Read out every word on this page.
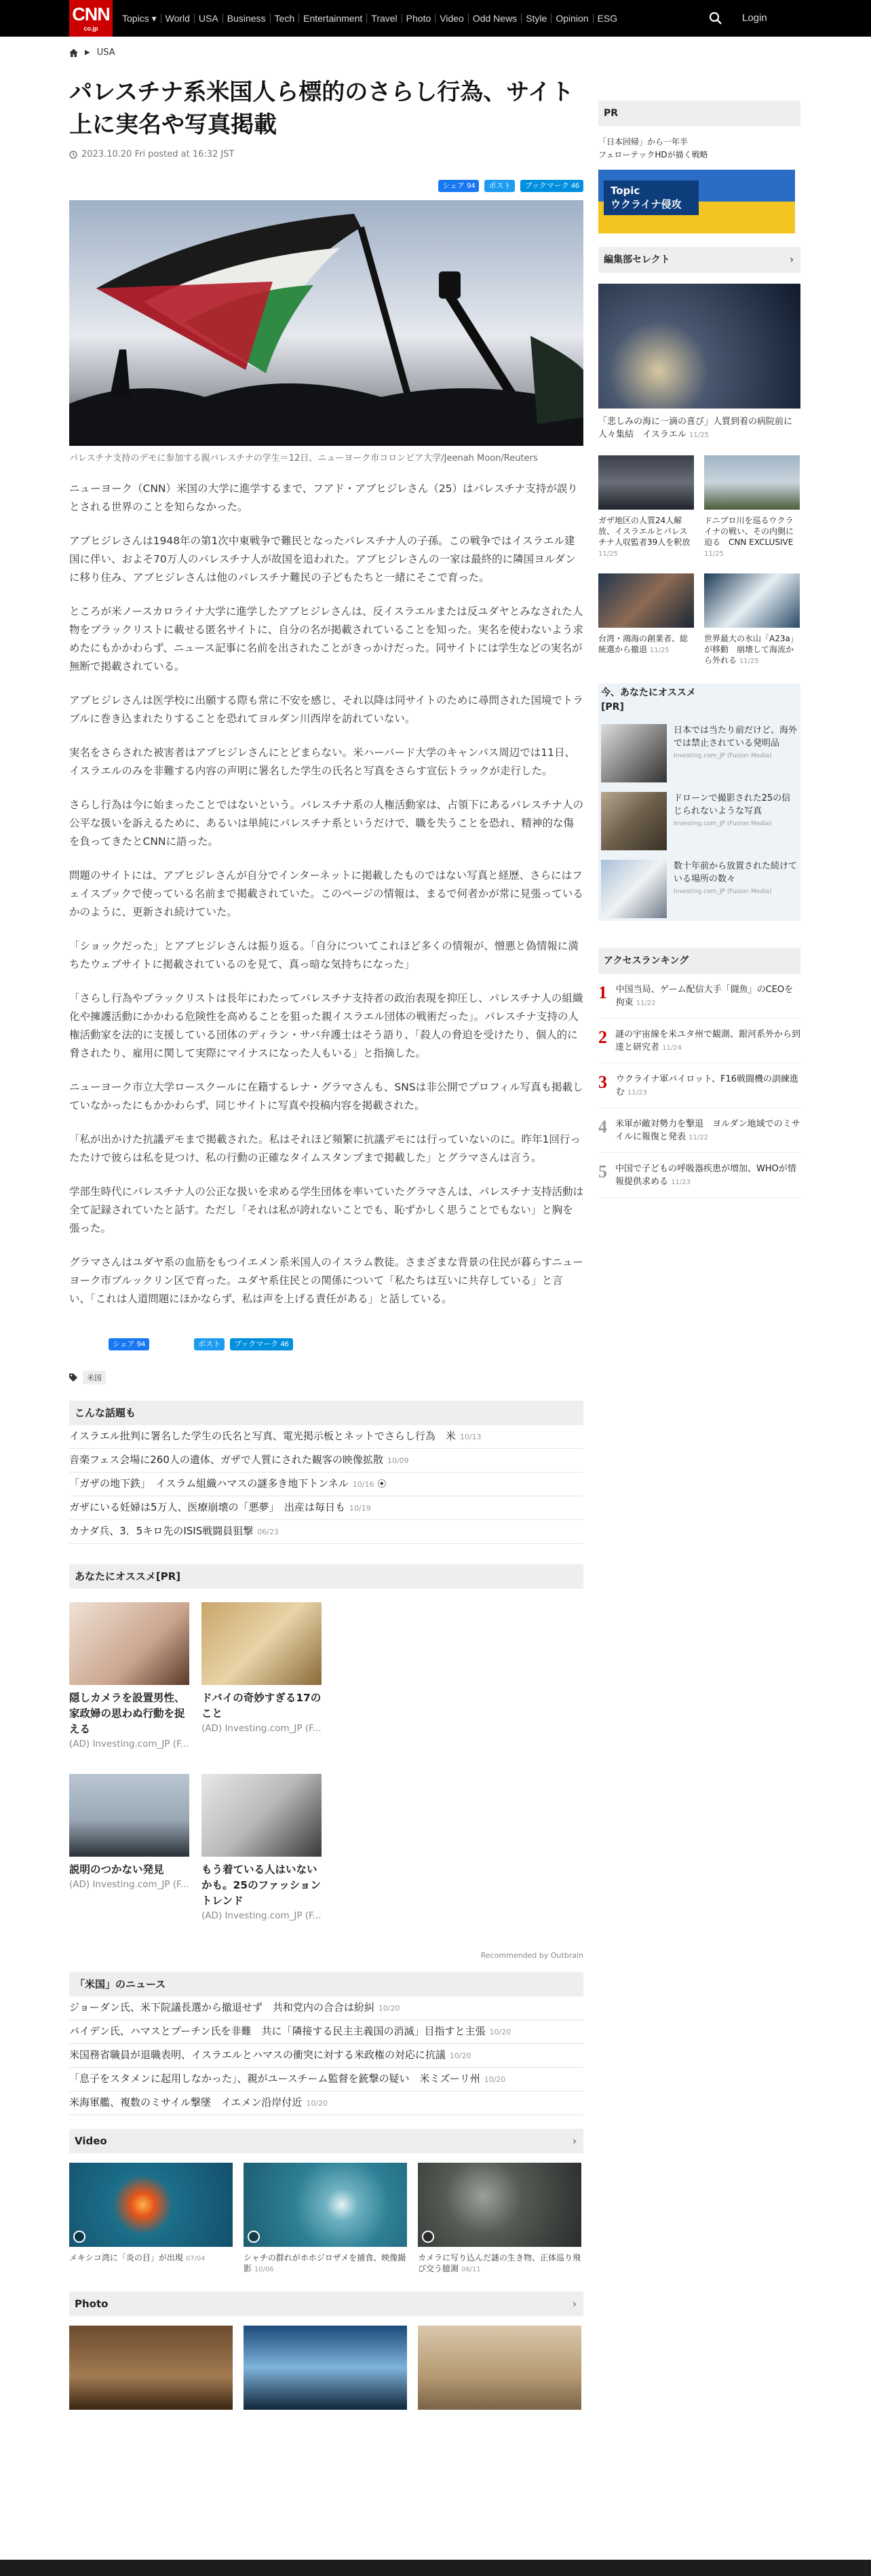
CNN
co.jp
Topics ▾ World USA Business Tech Entertainment Travel Photo Video Odd News Style Opinion ESG	Login
▶ USA
パレスチナ系米国人ら標的のさらし行為、サイト上に実名や写真掲載
2023.10.20 Fri posted at 16:32 JST
シェア 94	ポスト	ブックマーク 46
パレスチナ支持のデモに参加する親パレスチナの学生＝12日、ニューヨーク市コロンビア大学/Jeenah Moon/Reuters

ニューヨーク（CNN）米国の大学に進学するまで、フアド・アブヒジレさん（25）はパレスチナ支持が誤りとされる世界のことを知らなかった。

アブヒジレさんは1948年の第1次中東戦争で難民となったパレスチナ人の子孫。この戦争ではイスラエル建国に伴い、およそ70万人のパレスチナ人が故国を追われた。アブヒジレさんの一家は最終的に隣国ヨルダンに移り住み、アブヒジレさんは他のパレスチナ難民の子どもたちと一緒にそこで育った。

ところが米ノースカロライナ大学に進学したアブヒジレさんは、反イスラエルまたは反ユダヤとみなされた人物をブラックリストに載せる匿名サイトに、自分の名が掲載されていることを知った。実名を使わないよう求めたにもかかわらず、ニュース記事に名前を出されたことがきっかけだった。同サイトには学生などの実名が無断で掲載されている。

アブヒジレさんは医学校に出願する際も常に不安を感じ、それ以降は同サイトのために尋問された国境でトラブルに巻き込まれたりすることを恐れてヨルダン川西岸を訪れていない。

実名をさらされた被害者はアブヒジレさんにとどまらない。米ハーバード大学のキャンパス周辺では11日、イスラエルのみを非難する内容の声明に署名した学生の氏名と写真をさらす宣伝トラックが走行した。

さらし行為は今に始まったことではないという。パレスチナ系の人権活動家は、占領下にあるパレスチナ人の公平な扱いを訴えるために、あるいは単純にパレスチナ系というだけで、職を失うことを恐れ、精神的な傷を負ってきたとCNNに語った。

問題のサイトには、アブヒジレさんが自分でインターネットに掲載したものではない写真と経歴、さらにはフェイスブックで使っている名前まで掲載されていた。このページの情報は、まるで何者かが常に見張っているかのように、更新され続けていた。

「ショックだった」とアブヒジレさんは振り返る。「自分についてこれほど多くの情報が、憎悪と偽情報に満ちたウェブサイトに掲載されているのを見て、真っ暗な気持ちになった」

「さらし行為やブラックリストは長年にわたってパレスチナ支持者の政治表現を抑圧し、パレスチナ人の組織化や擁護活動にかかわる危険性を高めることを狙った親イスラエル団体の戦術だった」。パレスチナ支持の人権活動家を法的に支援している団体のディラン・サバ弁護士はそう語り、「殺人の脅迫を受けたり、個人的に脅されたり、雇用に関して実際にマイナスになった人もいる」と指摘した。

ニューヨーク市立大学ロースクールに在籍するレナ・グラマさんも、SNSは非公開でプロフィル写真も掲載していなかったにもかかわらず、同じサイトに写真や投稿内容を掲載された。

「私が出かけた抗議デモまで掲載された。私はそれほど頻繁に抗議デモには行っていないのに。昨年1回行ったたけで彼らは私を見つけ、私の行動の正確なタイムスタンプまで掲載した」とグラマさんは言う。

学部生時代にパレスチナ人の公正な扱いを求める学生団体を率いていたグラマさんは、パレスチナ支持活動は全て記録されていたと話す。ただし「それは私が誇れないことでも、恥ずかしく思うことでもない」と胸を張った。

グラマさんはユダヤ系の血筋をもつイエメン系米国人のイスラム教徒。さまざまな背景の住民が暮らすニューヨーク市ブルックリン区で育った。ユダヤ系住民との関係について「私たちは互いに共存している」と言い、「これは人道問題にほかならず、私は声を上げる責任がある」と話している。

シェア 94	ポスト	ブックマーク 46
米国
こんな話題も
イスラエル批判に署名した学生の氏名と写真、電光掲示板とネットでさらし行為　米 10/13
音楽フェス会場に260人の遺体、ガザで人質にされた観客の映像拡散 10/09
「ガザの地下鉄」　イスラム組織ハマスの謎多き地下トンネル 10/16 ⦿
ガザにいる妊婦は5万人、医療崩壊の「悪夢」　出産は毎日も 10/19
カナダ兵、3．5キロ先のISIS戦闘員狙撃 06/23
あなたにオススメ[PR]
隠しカメラを設置男性、家政婦の思わぬ行動を捉える
(AD) Investing.com_JP (F...
ドバイの奇妙すぎる17のこと
(AD) Investing.com_JP (F...
説明のつかない発見
(AD) Investing.com_JP (F...
もう着ている人はいないかも。25のファッショントレンド
(AD) Investing.com_JP (F...
Recommended by Outbrain
「米国」のニュース
ジョーダン氏、米下院議長選から撤退せず　共和党内の合合は紛糾 10/20
バイデン氏、ハマスとプーチン氏を非難　共に「隣接する民主主義国の消滅」目指すと主張 10/20
米国務省職員が退職表明、イスラエルとハマスの衝突に対する米政権の対応に抗議 10/20
「息子をスタメンに起用しなかった」、親がユースチーム監督を銃撃の疑い　米ミズーリ州 10/20
米海軍艦、複数のミサイル撃墜　イエメン沿岸付近 10/20
Video	›
メキシコ湾に「炎の目」が出現 07/04	シャチの群れがホホジロザメを捕食、映像撮影 10/06
カメラに写り込んだ謎の生き物、正体巡り飛び交う臆測 06/11
Photo	›
PR
「日本回帰」から一年半
フェローテックHDが描く戦略
Topic
ウクライナ侵攻
編集部セレクト	›
「悲しみの海に一滴の喜び」人質到着の病院前に人々集結　イスラエル 11/25
ガザ地区の人質24人解放、イスラエルとパレスチナ人収監者39人を釈放 11/25
ドニプロ川を巡るウクライナの戦い、その内側に迫る　CNN EXCLUSIVE 11/25
台湾・鴻海の創業者、総統選から撤退 11/25
世界最大の氷山「A23a」が移動　崩壊して海流から外れる 11/25
今、あなたにオススメ[PR]
日本では当たり前だけど、海外では禁止されている発明品
Investing.com_JP (Fusion Media)
ドローンで撮影された25の信じられないような写真
Investing.com_JP (Fusion Media)
数十年前から放置された続けている場所の数々
Investing.com_JP (Fusion Media)
アクセスランキング
1 中国当局、ゲーム配信大手「闘魚」のCEOを拘束 11/22
2 謎の宇宙線を米ユタ州で観測、銀河系外から到達と研究者 11/24
3 ウクライナ軍パイロット、F16戦闘機の訓練進む 11/23
4 米軍が敵対勢力を撃退　ヨルダン地域でのミサイルに報復と発表 11/22
5 中国で子どもの呼吸器疾患が増加、WHOが情報提供求める 11/23
